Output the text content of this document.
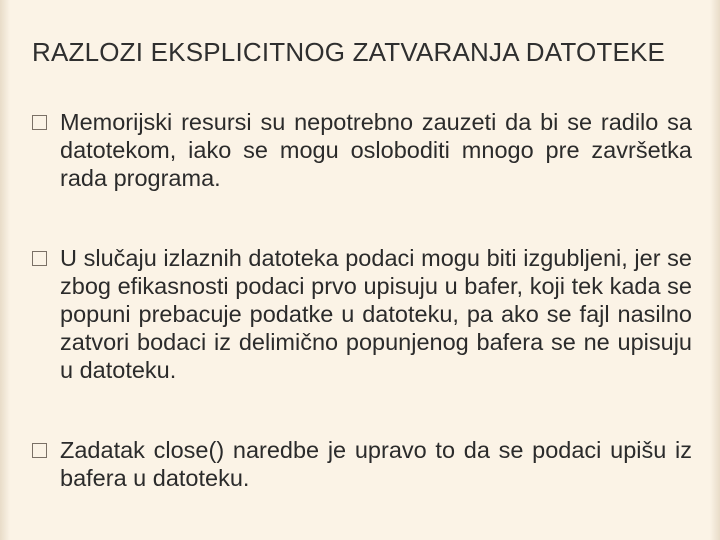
RAZLOZI EKSPLICITNOG ZATVARANJA DATOTEKE
Memorijski resursi su nepotrebno zauzeti da bi se radilo sa datotekom, iako se mogu osloboditi mnogo pre završetka rada programa.
U slučaju izlaznih datoteka podaci mogu biti izgubljeni, jer se zbog efikasnosti podaci prvo upisuju u bafer, koji tek kada se popuni prebacuje podatke u datoteku, pa ako se fajl nasilno zatvori bodaci iz delimično popunjenog bafera se ne upisuju u datoteku.
Zadatak close() naredbe je upravo to da se podaci upišu iz bafera u datoteku.
